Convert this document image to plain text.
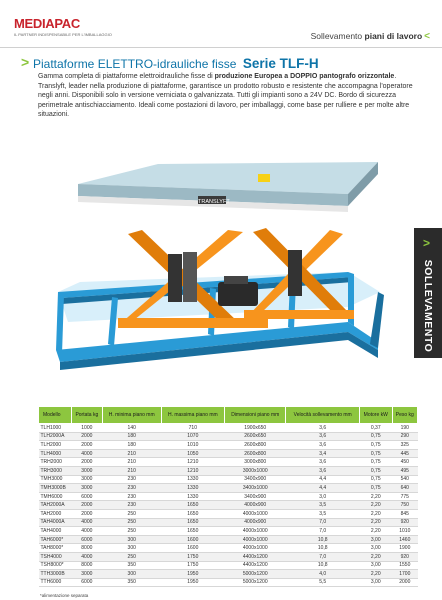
MEDIAPAC
IL PARTNER INDISPENSABILE PER L'IMBALLAGGIO	Sollevamento piani di lavoro <
> Piattaforme ELETTRO-idrauliche fisse Serie TLF-H
Gamma completa di piattaforme elettroidrauliche fisse di produzione Europea a DOPPIO pantografo orizzontale. Translyft, leader nella produzione di piattaforme, garantisce un prodotto robusto e resistente che accompagna l'operatore negli anni. Disponibili solo in versione verniciata o galvanizzata. Tutti gli impianti sono a 24V DC. Bordo di sicurezza perimetrale antischiacciamento. Ideali come postazioni di lavoro, per imballaggi, come base per rulliere e per molte altre situazioni.
>
SOLLEVAMENTO
TRANSLYFT
Modello	Portata kg	H. minima piano mm	H. massima piano mm	Dimensioni piano mm	Velocità sollevamento mm	Motore kW	Peso kg
TLH1000	1000	140	710	1900x650	3,6	0,37	190
TLH2000A	2000	180	1070	2600x650	3,6	0,75	290
TLH2000	2000	180	1010	2600x800	3,6	0,75	325
TLH4000	4000	210	1050	2600x800	3,4	0,75	445
TRH2000	2000	210	1210	3000x800	3,6	0,75	450
TRH3000	3000	210	1210	3000x1000	3,6	0,75	495
TMH3000	3000	230	1330	3400x900	4,4	0,75	540
TMH3000B	3000	230	1330	3400x1000	4,4	0,75	640
TMH6000	6000	230	1330	3400x900	3,0	2,20	775
TAH2000A	2000	230	1650	4000x900	3,5	2,20	750
TAH2000	2000	250	1650	4000x1000	3,5	2,20	845
TAH4000A	4000	250	1650	4000x900	7,0	2,20	920
TAH4000	4000	250	1650	4000x1000	7,0	2,20	1010
TAH6000*	6000	300	1600	4000x1000	10,8	3,00	1460
TAH8000*	8000	300	1600	4000x1000	10,8	3,00	1900
TSH4000	4000	250	1750	4400x1200	7,0	2,20	920
TSH8000*	8000	350	1750	4400x1200	10,8	3,00	1550
TTH3000B	3000	300	1950	5000x1200	4,0	2,20	1700
TTH6000	6000	350	1950	5000x1200	5,5	3,00	2000
*alimentazione separata
